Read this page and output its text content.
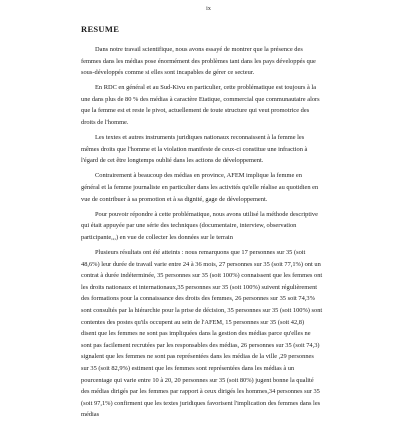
ix
RESUME
Dans notre travail scientifique, nous avons essayé de montrer que la présence des
femmes dans les médias pose énormément des problèmes tant dans les pays développés que
sous-développés comme si elles sont incapables de gérer ce secteur.
En RDC en général et au Sud-Kivu en particulier, cette problématique est toujours à la
une dans plus de 80 % des médias à caractère Etatique, commercial que communautaire alors
que la femme est et reste le pivot, actuellement de toute structure qui veut promotrice des
droits de l'homme.
Les textes et autres instruments juridiques nationaux reconnaissent à la femme les
mêmes droits que l'homme et la violation manifeste de ceux-ci constitue une infraction à
l'égard de cet être longtemps oublié dans les actions de développement.
Contrairement à beaucoup des médias en province, AFEM implique la femme en
général et la femme journaliste en particulier dans les activités qu'elle réalise au quotidien en
vue de contribuer à sa promotion et à sa dignité, gage de développement.
Pour pouvoir répondre à cette problématique, nous avons utilisé la méthode descriptive
qui était appuyée par une série des techniques (documentaire, interview, observation
participante,,,) en vue de collecter les données sur le terrain
Plusieurs résultats ont été atteints : nous remarquons que 17 personnes sur 35 (soit
48,6%) leur durée de travail varie entre 24 à 36 mois, 27 personnes sur 35 (soit 77,1%) ont un
contrat à durée indéterminée, 35 personnes sur 35 (soit 100%) connaissent que les femmes ont
les droits nationaux et internationaux,35 personnes sur 35 (soit 100%) suivent régulièrement
des formations pour la connaissance des droits des femmes, 26 personnes sur 35 soit 74,3%
sont consultés par la hiérarchie pour la prise de décision, 35 personnes sur 35 (soit 100%) sont
contentes des postes qu'ils occupent au sein de l'AFEM, 15 personnes sur 35 (soit 42,8)
disent que les femmes ne sont pas impliquées dans la gestion des médias parce qu'elles ne
sont pas facilement recrutées par les responsables des médias, 26 personnes sur 35 (soit 74,3)
signalent que les femmes ne sont pas représentées dans les médias de la ville ,29 personnes
sur 35 (soit 82,9%) estiment que les femmes sont représentées dans les médias à un
pourcentage qui varie entre 10 à 20, 20 personnes sur 35 (soit 80%) jugent bonne la qualité
des médias dirigés par les femmes par rapport à ceux dirigés les hommes,34 personnes sur 35
(soit 97,1%) confirment que les textes juridiques favorisent l'implication des femmes dans les
médias
